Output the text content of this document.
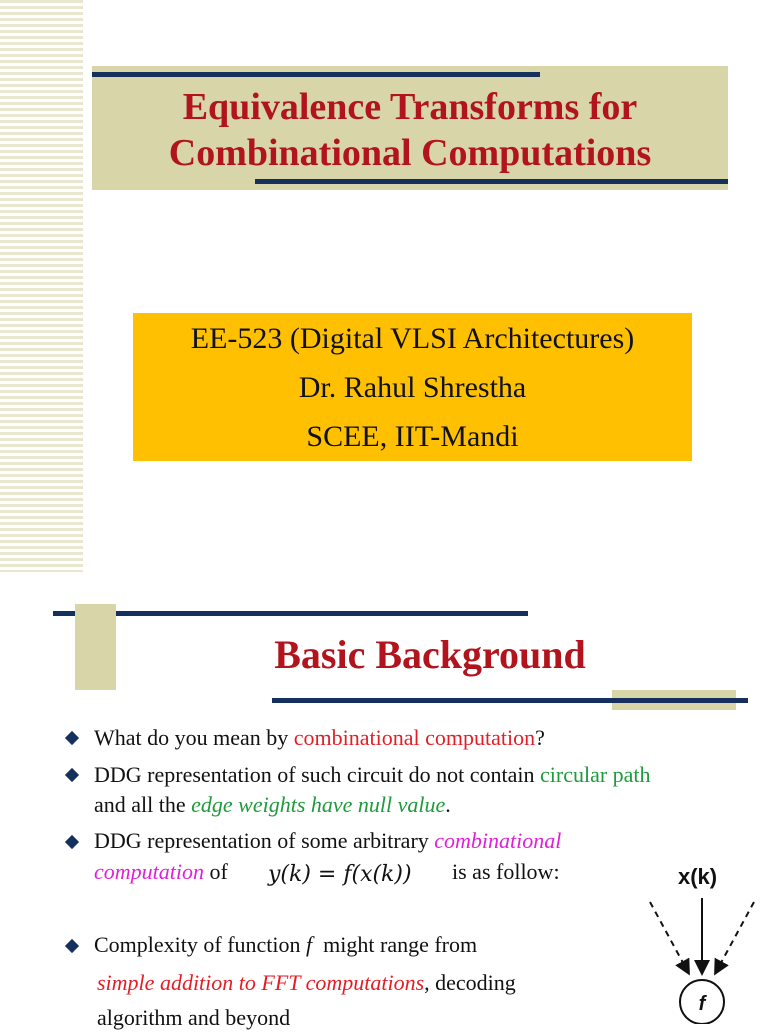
Equivalence Transforms for
Combinational Computations
EE-523 (Digital VLSI Architectures)
Dr. Rahul Shrestha
SCEE, IIT-Mandi
Basic Background
What do you mean by combinational computation?
DDG representation of such circuit do not contain circular path
and all the edge weights have null value.
DDG representation of some arbitrary combinational
computation of y(k) = f(x(k)) is as follow:
Complexity of function f  might range from
simple addition to FFT computations, decoding
algorithm and beyond
x(k)
f
